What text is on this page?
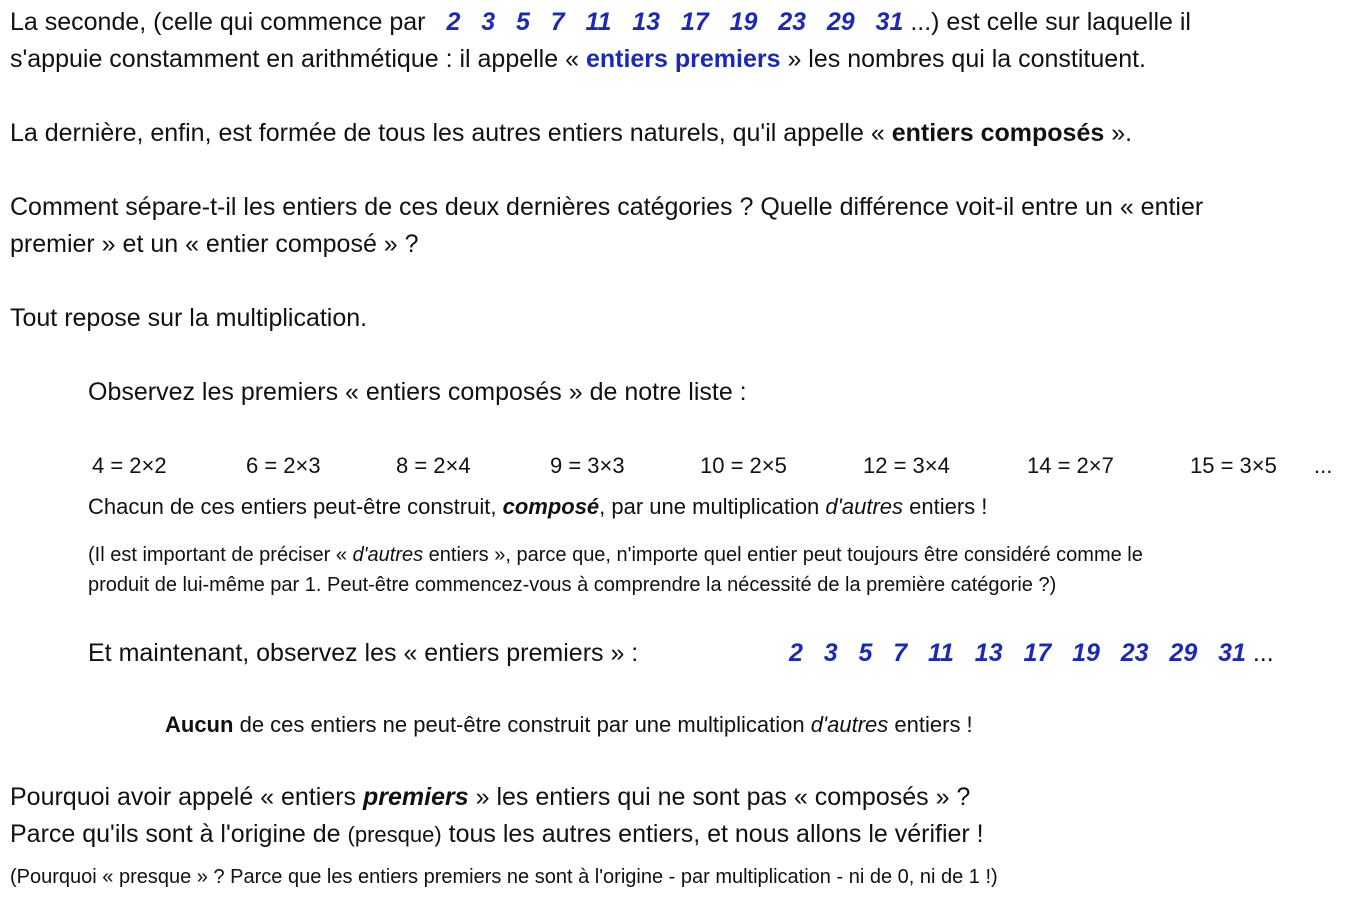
La seconde, (celle qui commence par 2 3 5 7 11 13 17 19 23 29 31 ...) est celle sur laquelle il
s'appuie constamment en arithmétique : il appelle « entiers premiers » les nombres qui la constituent.
La dernière, enfin, est formée de tous les autres entiers naturels, qu'il appelle « entiers composés ».
Comment sépare-t-il les entiers de ces deux dernières catégories ? Quelle différence voit-il entre un « entier
premier » et un « entier composé » ?
Tout repose sur la multiplication.
Observez les premiers « entiers composés » de notre liste :
4 = 2×2	6 = 2×3	8 = 2×4	9 = 3×3	10 = 2×5	12 = 3×4	14 = 2×7	15 = 3×5 ...
Chacun de ces entiers peut-être construit, composé, par une multiplication d'autres entiers !
(Il est important de préciser « d'autres entiers », parce que, n'importe quel entier peut toujours être considéré comme le
produit de lui-même par 1. Peut-être commencez-vous à comprendre la nécessité de la première catégorie ?)
Et maintenant, observez les « entiers premiers » :	2 3 5 7 11 13 17 19 23 29 31 ...
Aucun de ces entiers ne peut-être construit par une multiplication d'autres entiers !
Pourquoi avoir appelé « entiers premiers » les entiers qui ne sont pas « composés » ?
Parce qu'ils sont à l'origine de (presque) tous les autres entiers, et nous allons le vérifier !
(Pourquoi « presque » ? Parce que les entiers premiers ne sont à l'origine - par multiplication - ni de 0, ni de 1 !)
